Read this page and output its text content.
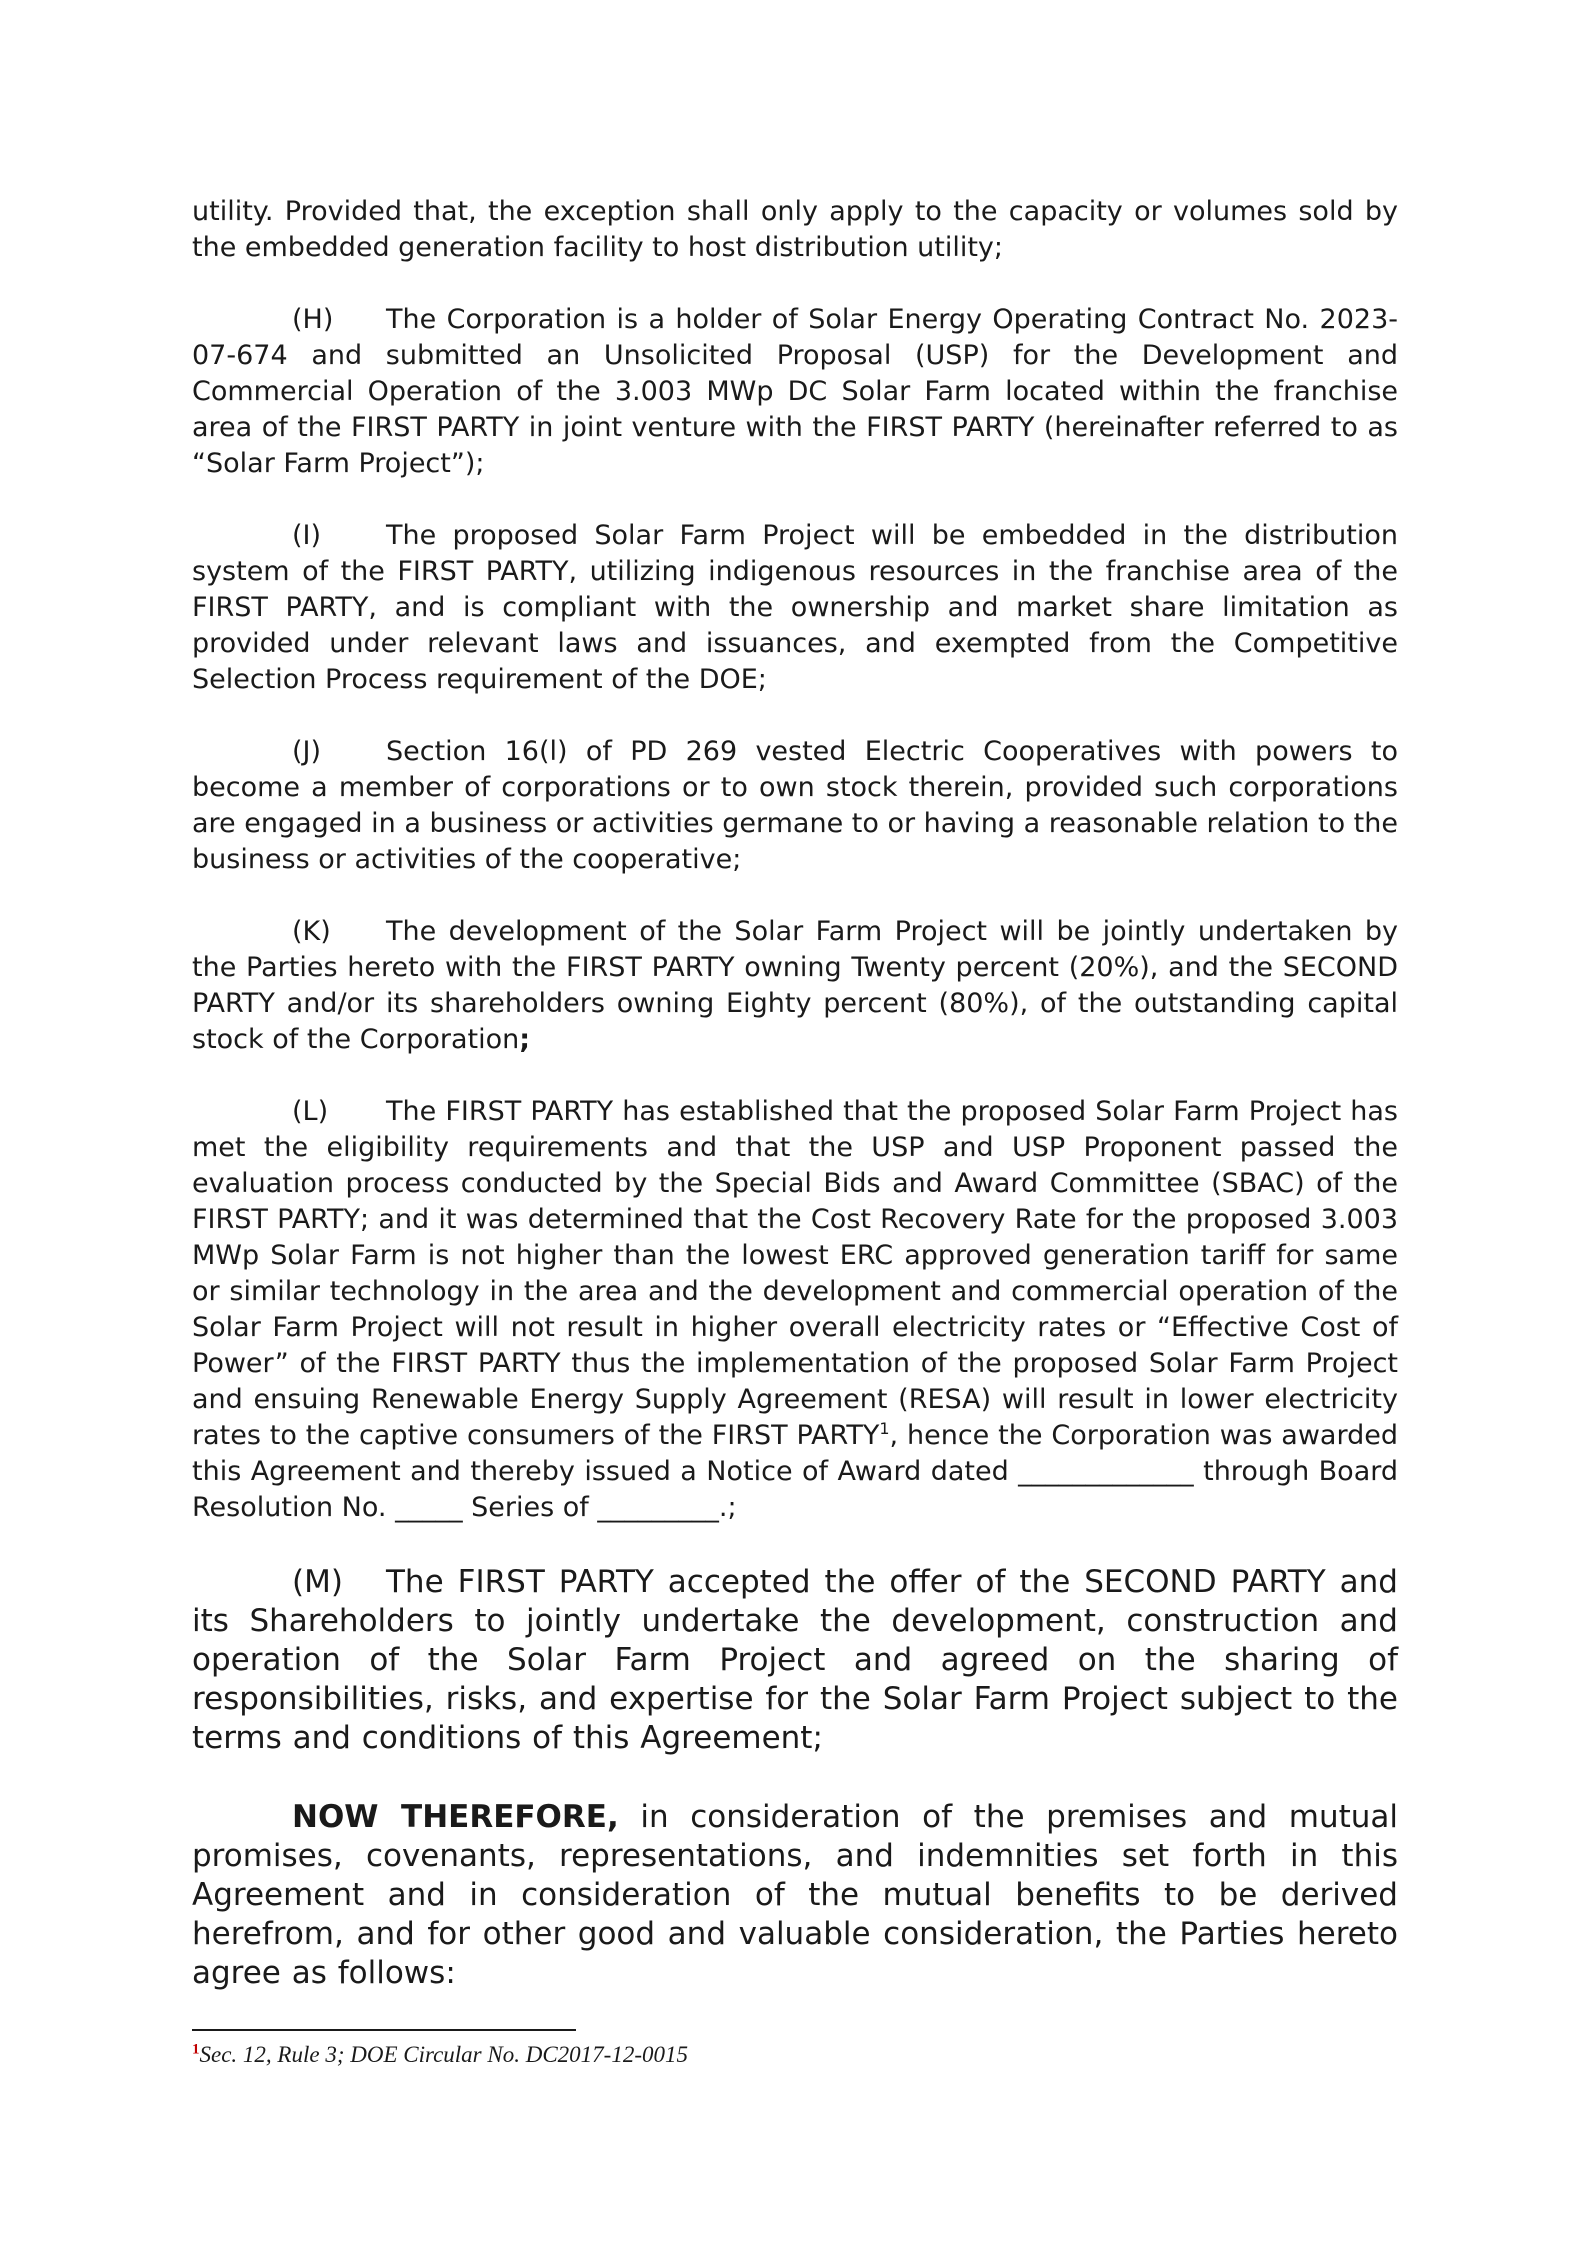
utility. Provided that, the exception shall only apply to the capacity or volumes sold by the embedded generation facility to host distribution utility;

(H) The Corporation is a holder of Solar Energy Operating Contract No. 2023-07-674 and submitted an Unsolicited Proposal (USP) for the Development and Commercial Operation of the 3.003 MWp DC Solar Farm located within the franchise area of the FIRST PARTY in joint venture with the FIRST PARTY (hereinafter referred to as “Solar Farm Project”);

(I) The proposed Solar Farm Project will be embedded in the distribution system of the FIRST PARTY, utilizing indigenous resources in the franchise area of the FIRST PARTY, and is compliant with the ownership and market share limitation as provided under relevant laws and issuances, and exempted from the Competitive Selection Process requirement of the DOE;

(J) Section 16(l) of PD 269 vested Electric Cooperatives with powers to become a member of corporations or to own stock therein, provided such corporations are engaged in a business or activities germane to or having a reasonable relation to the business or activities of the cooperative;

(K) The development of the Solar Farm Project will be jointly undertaken by the Parties hereto with the FIRST PARTY owning Twenty percent (20%), and the SECOND PARTY and/or its shareholders owning Eighty percent (80%), of the outstanding capital stock of the Corporation;

(L) The FIRST PARTY has established that the proposed Solar Farm Project has met the eligibility requirements and that the USP and USP Proponent passed the evaluation process conducted by the Special Bids and Award Committee (SBAC) of the FIRST PARTY; and it was determined that the Cost Recovery Rate for the proposed 3.003 MWp Solar Farm is not higher than the lowest ERC approved generation tariff for same or similar technology in the area and the development and commercial operation of the Solar Farm Project will not result in higher overall electricity rates or “Effective Cost of Power” of the FIRST PARTY thus the implementation of the proposed Solar Farm Project and ensuing Renewable Energy Supply Agreement (RESA) will result in lower electricity rates to the captive consumers of the FIRST PARTY$^1$, hence the Corporation was awarded this Agreement and thereby issued a Notice of Award dated _____________ through Board Resolution No. _____ Series of _________.;

(M) The FIRST PARTY accepted the offer of the SECOND PARTY and its Shareholders to jointly undertake the development, construction and operation of the Solar Farm Project and agreed on the sharing of responsibilities, risks, and expertise for the Solar Farm Project subject to the terms and conditions of this Agreement;

NOW THEREFORE, in consideration of the premises and mutual promises, covenants, representations, and indemnities set forth in this Agreement and in consideration of the mutual benefits to be derived herefrom, and for other good and valuable consideration, the Parties hereto agree as follows:

$^1$Sec. 12, Rule 3; DOE Circular No. DC2017-12-0015
